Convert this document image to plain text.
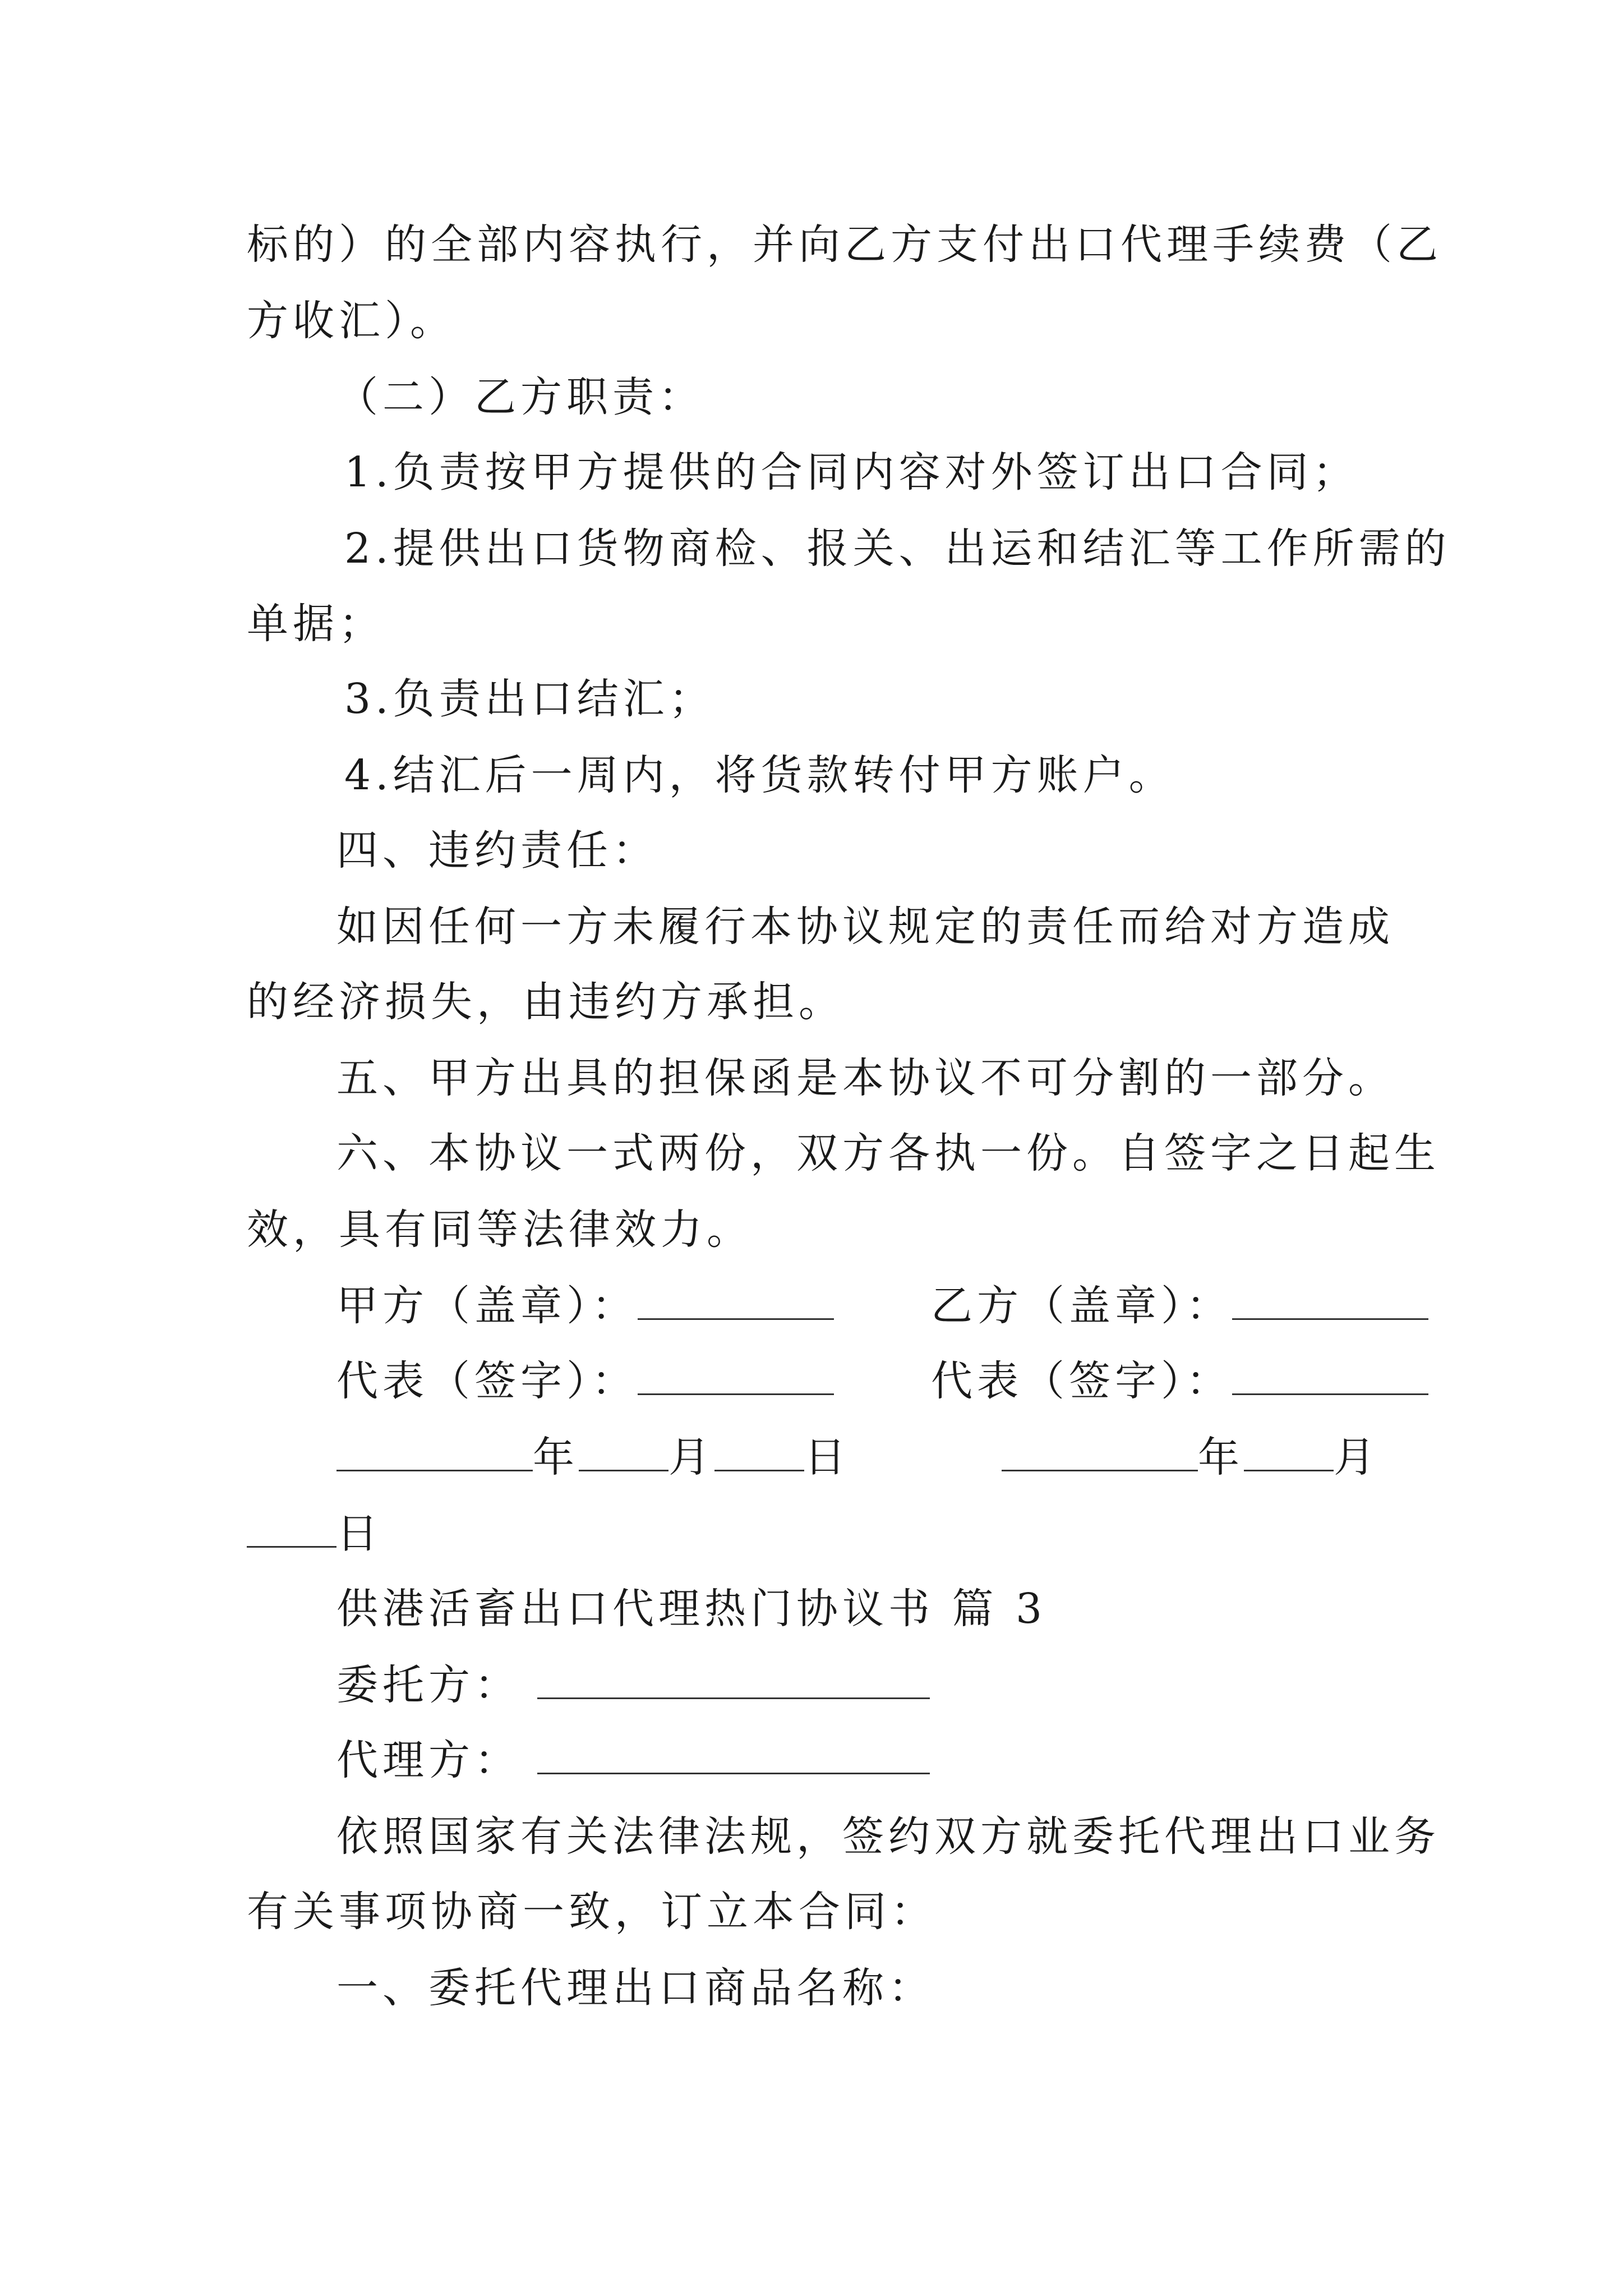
标的）的全部内容执行，并向乙方支付出口代理手续费（乙
方收汇）。
（二）乙方职责：
1.负责按甲方提供的合同内容对外签订出口合同；
2.提供出口货物商检、报关、出运和结汇等工作所需的
单据；
3.负责出口结汇；
4.结汇后一周内，将货款转付甲方账户。
四、违约责任：
如因任何一方未履行本协议规定的责任而给对方造成
的经济损失，由违约方承担。
五、甲方出具的担保函是本协议不可分割的一部分。
六、本协议一式两份，双方各执一份。自签字之日起生
效，具有同等法律效力。
甲方（盖章）：	乙方（盖章）：
代表（签字）：	代表（签字）：
年 月 日	年 月
日
供港活畜出口代理热门协议书 篇 3
委托方：
代理方：
依照国家有关法律法规，签约双方就委托代理出口业务
有关事项协商一致，订立本合同：
一、委托代理出口商品名称：
